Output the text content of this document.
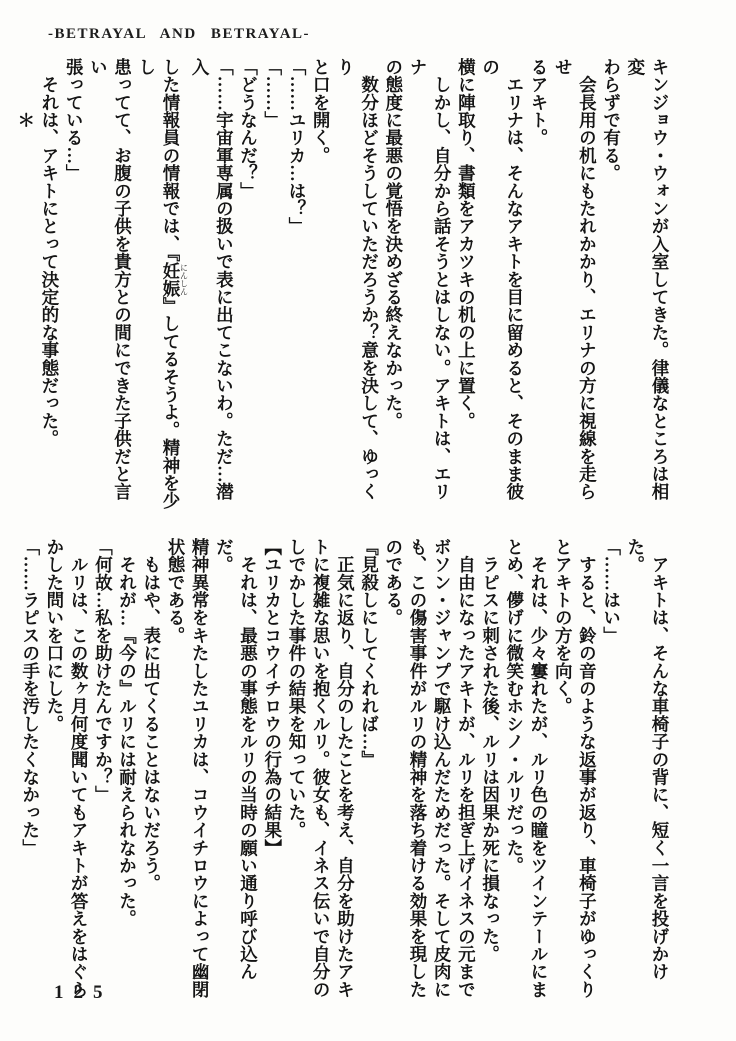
-BETRAYAL AND BETRAYAL-

キンジョウ・ウォンが入室してきた。律儀なところは相変

わらずで有る。

　会長用の机にもたれかかり、エリナの方に視線を走らせ

るアキト。

　エリナは、そんなアキトを目に留めると、そのまま彼の

横に陣取り、書類をアカツキの机の上に置く。

　しかし、自分から話そうとはしない。アキトは、エリナ

の態度に最悪の覚悟を決めざる終えなかった。

　数分ほどそうしていただろうか？意を決して、ゆっくり

と口を開く。

「……ユリカ…は？」

「……」

「どうなんだ？」

「……宇宙軍専属の扱いで表に出てこないわ。ただ…潜入

した情報員の情報では、『妊娠にんしん』してるそうよ。精神を少し

患ってて、お腹の子供を貴方との間にできた子供だと言い

張っている…」

　それは、アキトにとって決定的な事態だった。

＊

　アキトは、そんな車椅子の背に、短く一言を投げかけた。

「……はい」

　すると、鈴の音のような返事が返り、車椅子がゆっくり

とアキトの方を向く。

　それは、少々窶れたが、ルリ色の瞳をツインテールにま

とめ、儚げに微笑むホシノ・ルリだった。

　ラピスに刺された後、ルリは因果か死に損なった。

　自由になったアキトが、ルリを担ぎ上げイネスの元まで

ボソン・ジャンプで駆け込んだためだった。そして皮肉に

も、この傷害事件がルリの精神を落ち着ける効果を現した

のである。

『見殺しにしてくれれば…』

　正気に返り、自分のしたことを考え、自分を助けたアキ

トに複雑な思いを抱くルリ。彼女も、イネス伝いで自分の

しでかした事件の結果を知っていた。

【ユリカとコウイチロウの行為の結果】

　それは、最悪の事態をルリの当時の願い通り呼び込んだ。

精神異常をキたしたユリカは、コウイチロウによって幽閉

状態である。

　もはや、表に出てくることはないだろう。

　それが…『今の』ルリには耐えられなかった。

「何故…私を助けたんですか？」

　ルリは、この数ヶ月何度聞いてもアキトが答えをはぐら

かした問いを口にした。

「……ラピスの手を汚したくなかった」

125
